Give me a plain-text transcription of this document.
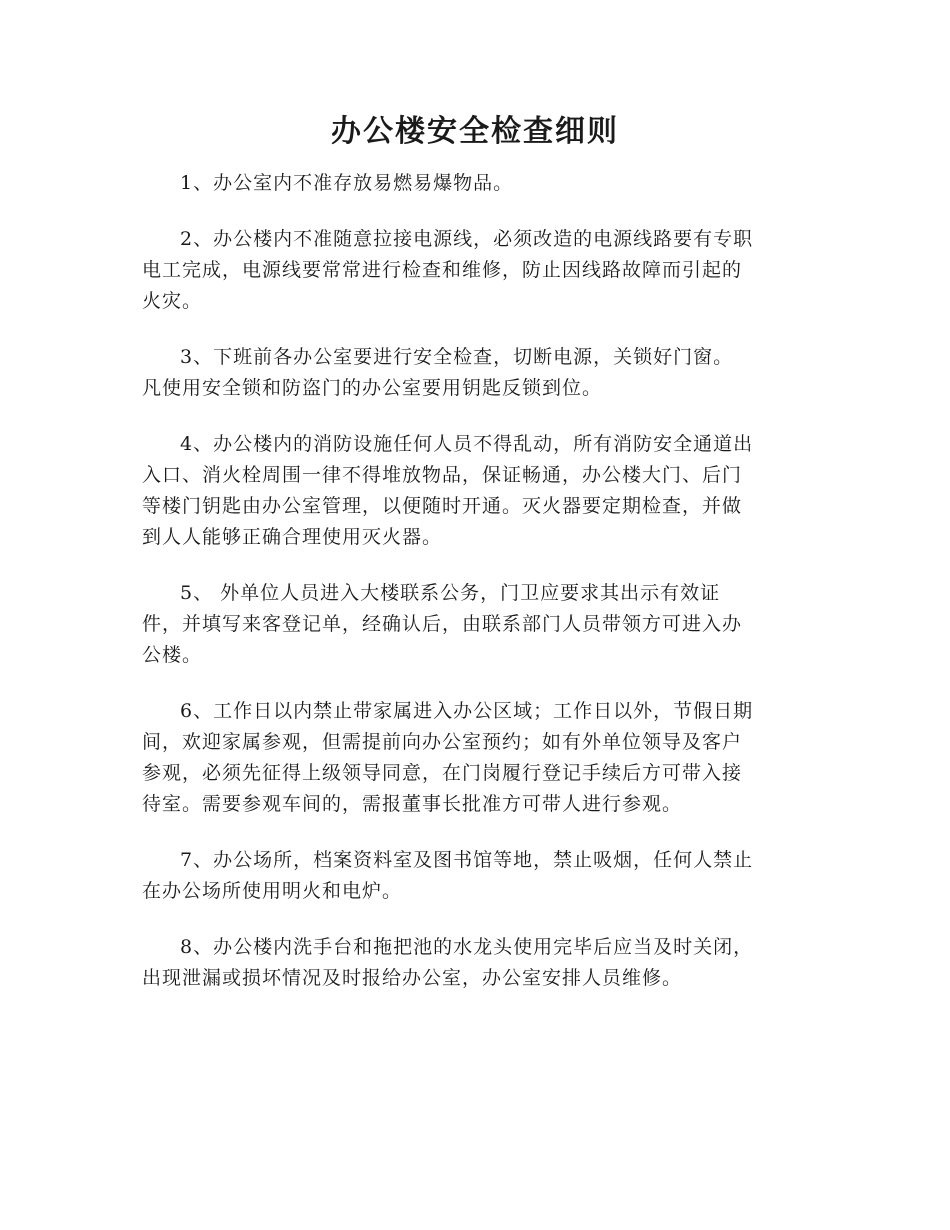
办公楼安全检查细则
1、办公室内不准存放易燃易爆物品。
2、办公楼内不准随意拉接电源线，必须改造的电源线路要有专职
电工完成，电源线要常常进行检查和维修，防止因线路故障而引起的
火灾。
3、下班前各办公室要进行安全检查，切断电源，关锁好门窗。
凡使用安全锁和防盗门的办公室要用钥匙反锁到位。
4、办公楼内的消防设施任何人员不得乱动，所有消防安全通道出
入口、消火栓周围一律不得堆放物品，保证畅通，办公楼大门、后门
等楼门钥匙由办公室管理，以便随时开通。灭火器要定期检查，并做
到人人能够正确合理使用灭火器。
5、 外单位人员进入大楼联系公务，门卫应要求其出示有效证
件，并填写来客登记单，经确认后，由联系部门人员带领方可进入办
公楼。
6、工作日以内禁止带家属进入办公区域；工作日以外，节假日期
间，欢迎家属参观，但需提前向办公室预约；如有外单位领导及客户
参观，必须先征得上级领导同意，在门岗履行登记手续后方可带入接
待室。需要参观车间的，需报董事长批准方可带人进行参观。
7、办公场所，档案资料室及图书馆等地，禁止吸烟，任何人禁止
在办公场所使用明火和电炉。
8、办公楼内洗手台和拖把池的水龙头使用完毕后应当及时关闭，
出现泄漏或损坏情况及时报给办公室，办公室安排人员维修。
